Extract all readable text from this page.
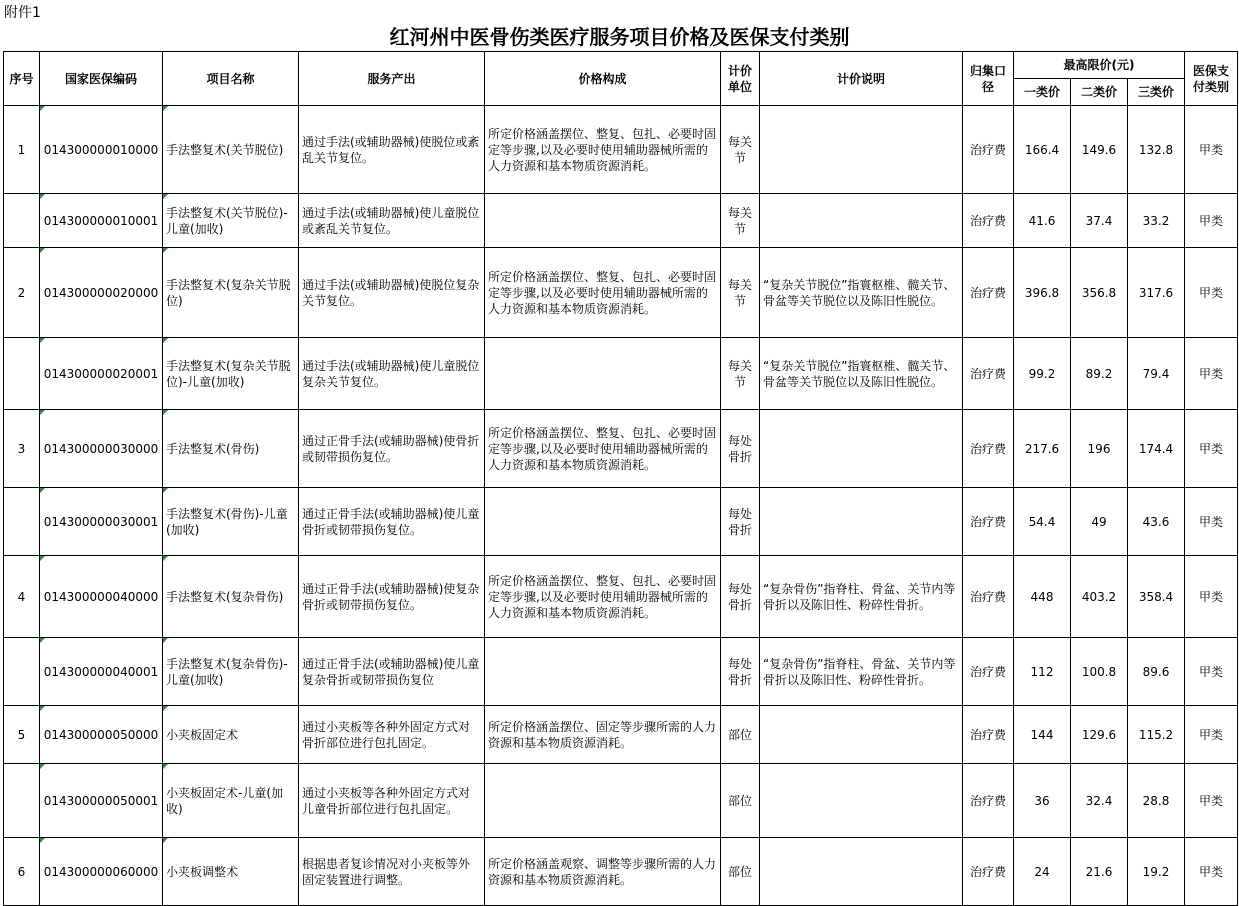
附件1
红河州中医骨伤类医疗服务项目价格及医保支付类别
序号	国家医保编码	项目名称	服务产出	价格构成	计价单位	计价说明	归集口径	最高限价(元)			医保支付类别
								一类价	二类价	三类价	
1	014300000010000	手法整复术(关节脱位)	通过手法(或辅助器械)使脱位或紊乱关节复位。	所定价格涵盖摆位、整复、包扎、必要时固定等步骤,以及必要时使用辅助器械所需的人力资源和基本物质资源消耗。	每关节		治疗费	166.4	149.6	132.8	甲类
	014300000010001	手法整复术(关节脱位)-儿童(加收)	通过手法(或辅助器械)使儿童脱位或紊乱关节复位。		每关节		治疗费	41.6	37.4	33.2	甲类
2	014300000020000	手法整复术(复杂关节脱位)	通过手法(或辅助器械)使脱位复杂关节复位。	所定价格涵盖摆位、整复、包扎、必要时固定等步骤,以及必要时使用辅助器械所需的人力资源和基本物质资源消耗。	每关节	“复杂关节脱位”指寰枢椎、髋关节、骨盆等关节脱位以及陈旧性脱位。	治疗费	396.8	356.8	317.6	甲类
	014300000020001	手法整复术(复杂关节脱位)-儿童(加收)	通过手法(或辅助器械)使儿童脱位复杂关节复位。		每关节	“复杂关节脱位”指寰枢椎、髋关节、骨盆等关节脱位以及陈旧性脱位。	治疗费	99.2	89.2	79.4	甲类
3	014300000030000	手法整复术(骨伤)	通过正骨手法(或辅助器械)使骨折或韧带损伤复位。	所定价格涵盖摆位、整复、包扎、必要时固定等步骤,以及必要时使用辅助器械所需的人力资源和基本物质资源消耗。	每处骨折		治疗费	217.6	196	174.4	甲类
	014300000030001	手法整复术(骨伤)-儿童(加收)	通过正骨手法(或辅助器械)使儿童骨折或韧带损伤复位。		每处骨折		治疗费	54.4	49	43.6	甲类
4	014300000040000	手法整复术(复杂骨伤)	通过正骨手法(或辅助器械)使复杂骨折或韧带损伤复位。	所定价格涵盖摆位、整复、包扎、必要时固定等步骤,以及必要时使用辅助器械所需的人力资源和基本物质资源消耗。	每处骨折	“复杂骨伤”指脊柱、骨盆、关节内等骨折以及陈旧性、粉碎性骨折。	治疗费	448	403.2	358.4	甲类
	014300000040001	手法整复术(复杂骨伤)-儿童(加收)	通过正骨手法(或辅助器械)使儿童复杂骨折或韧带损伤复位		每处骨折	“复杂骨伤”指脊柱、骨盆、关节内等骨折以及陈旧性、粉碎性骨折。	治疗费	112	100.8	89.6	甲类
5	014300000050000	小夹板固定术	通过小夹板等各种外固定方式对骨折部位进行包扎固定。	所定价格涵盖摆位、固定等步骤所需的人力资源和基本物质资源消耗。	部位		治疗费	144	129.6	115.2	甲类
	014300000050001	小夹板固定术-儿童(加收)	通过小夹板等各种外固定方式对儿童骨折部位进行包扎固定。		部位		治疗费	36	32.4	28.8	甲类
6	014300000060000	小夹板调整术	根据患者复诊情况对小夹板等外固定装置进行调整。	所定价格涵盖观察、调整等步骤所需的人力资源和基本物质资源消耗。	部位		治疗费	24	21.6	19.2	甲类
